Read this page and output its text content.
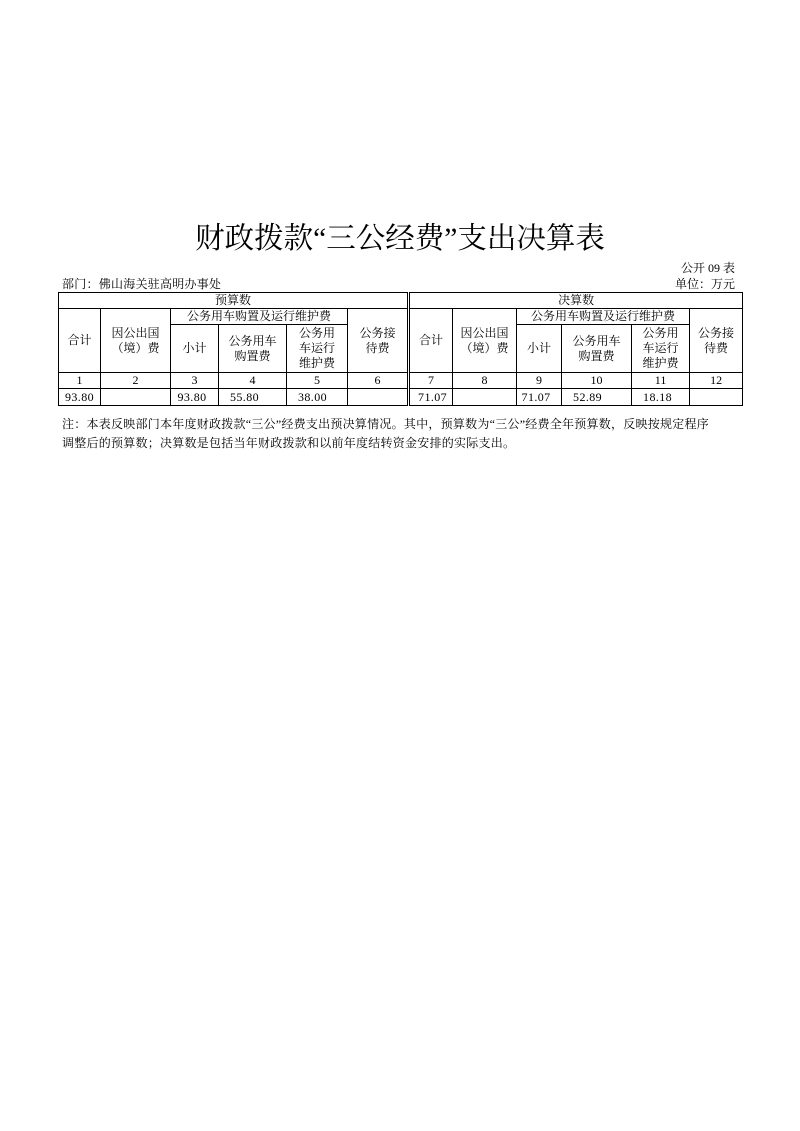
财政拨款“三公经费”支出决算表
公开 09 表
部门：佛山海关驻高明办事处	单位：万元
预算数						决算数					
合计	因公出国（境）费	公务用车购置及运行维护费			公务接待费	合计	因公出国（境）费	公务用车购置及运行维护费			公务接待费
		小计	公务用车购置费	公务用车运行维护费				小计	公务用车购置费	公务用车运行维护费	
1	2	3	4	5	6	7	8	9	10	11	12
93.80		93.80	55.80	38.00		71.07		71.07	52.89	18.18	
注：本表反映部门本年度财政拨款“三公”经费支出预决算情况。其中，预算数为“三公”经费全年预算数，反映按规定程序
调整后的预算数；决算数是包括当年财政拨款和以前年度结转资金安排的实际支出。
